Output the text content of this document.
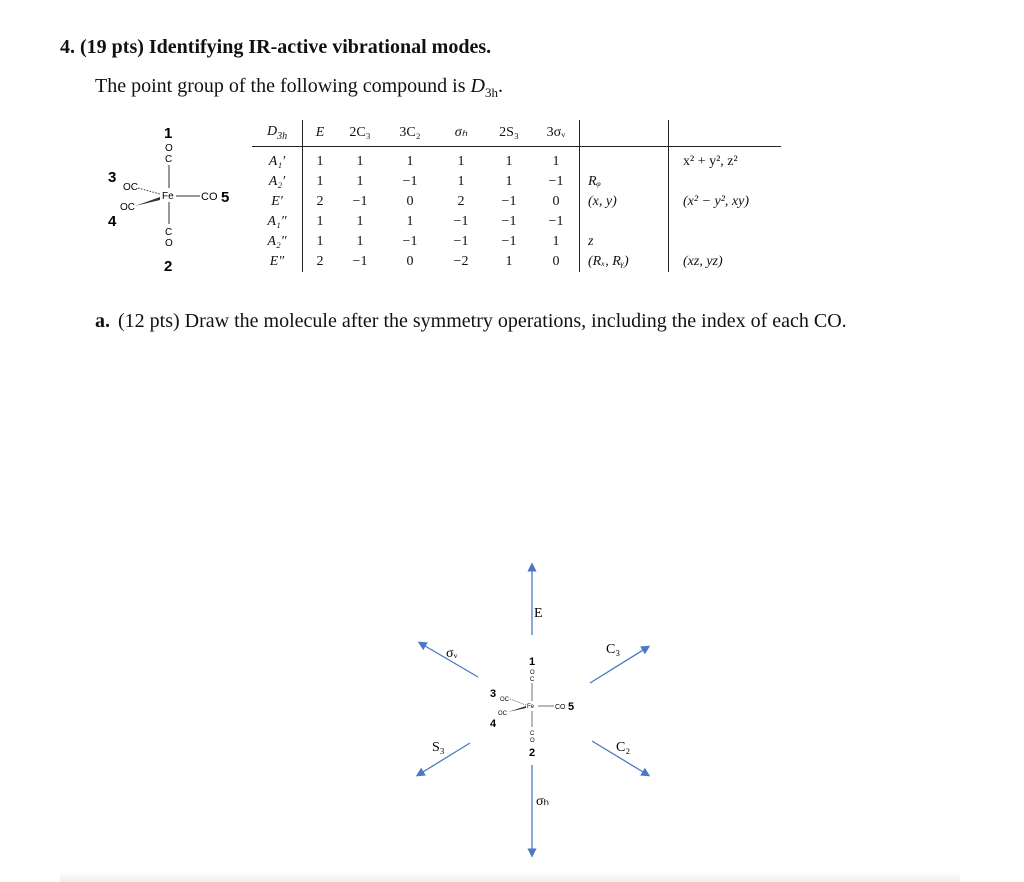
4. (19 pts) Identifying IR-active vibrational modes.
The point group of the following compound is $D_{3h}$.
1
O
C
Fe CO 5
OC
3
OC
4
C
O
2
$D_{3h}$	E	2C₃	3C₂	σₕ	2S₃	3σᵥ		

A₁′	1	1	1	1	1	1		x² + y², z²
A₂′	1	1	−1	1	1	−1	Rᵩ	
E′	2	−1	0	2	−1	0	(x, y)	(x² − y², xy)
A₁″	1	1	1	−1	−1	−1		
A₂″	1	1	−1	−1	−1	1	z	
E″	2	−1	0	−2	1	0	(Rₓ, Rᵧ)	(xz, yz)
a. (12 pts) Draw the molecule after the symmetry operations, including the index of each CO.
E
σᵥ	C₃
S₃	C₂
σₕ
1
O
C
Fe	CO 5
OC
3
OC
4
C
O
2
